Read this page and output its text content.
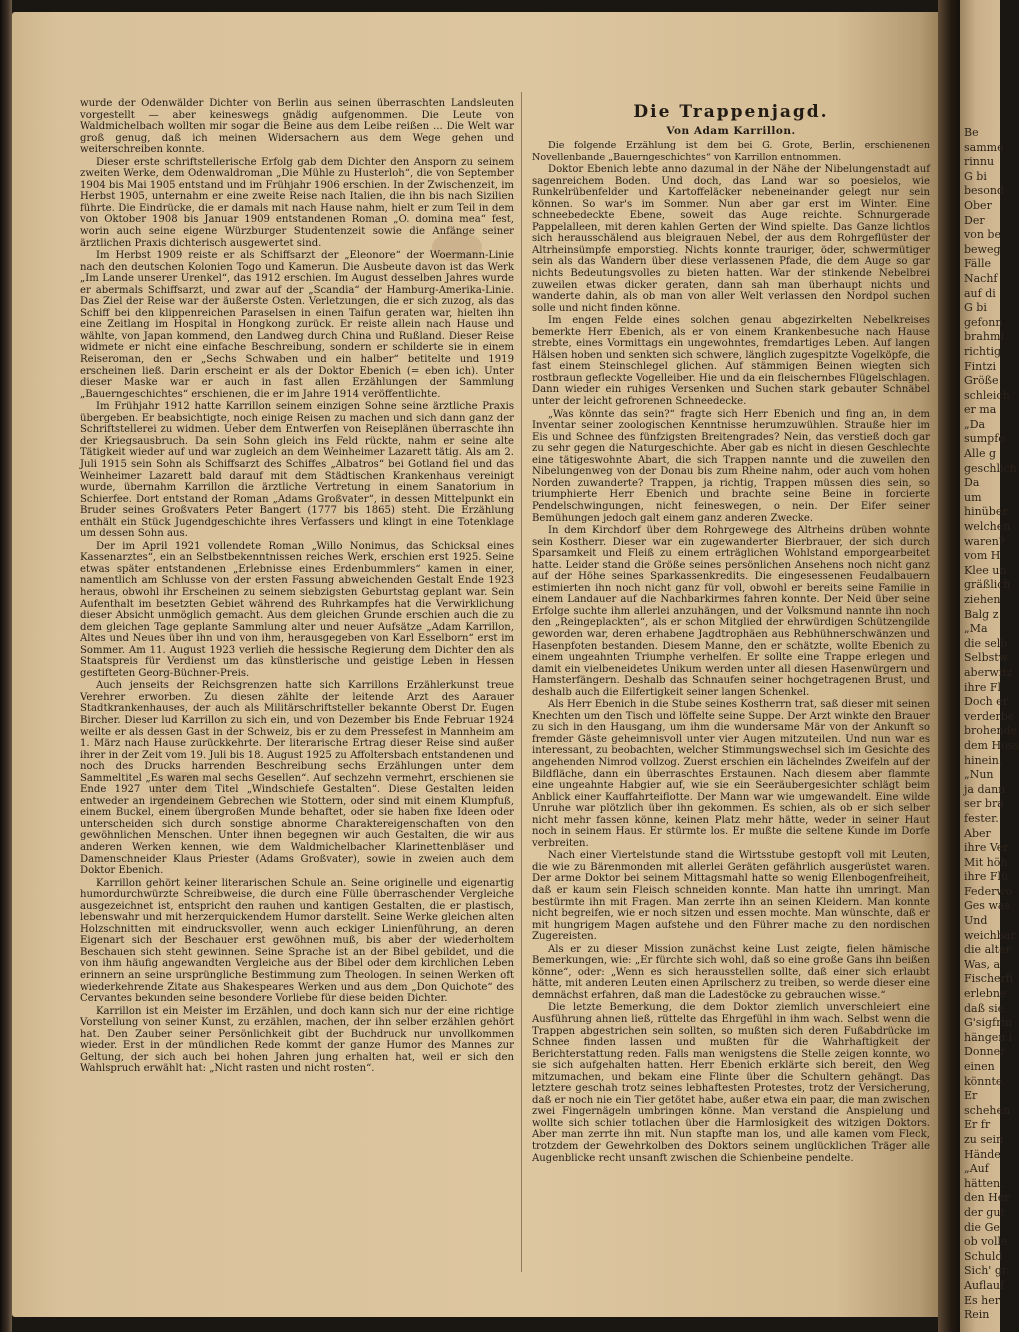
wurde der Odenwälder Dichter von Berlin aus seinen überraschten Landsleuten vorgestellt — aber keineswegs gnädig aufgenommen. Die Leute von Waldmichelbach wollten mir sogar die Beine aus dem Leibe reißen ... Die Welt war groß genug, daß ich meinen Widersachern aus dem Wege gehen und weiterschreiben konnte.

Dieser erste schriftstellerische Erfolg gab dem Dichter den Ansporn zu seinem zweiten Werke, dem Odenwaldroman „Die Mühle zu Husterloh“, die von September 1904 bis Mai 1905 entstand und im Frühjahr 1906 erschien. In der Zwischenzeit, im Herbst 1905, unternahm er eine zweite Reise nach Italien, die ihn bis nach Sizilien führte. Die Eindrücke, die er damals mit nach Hause nahm, hielt er zum Teil in dem von Oktober 1908 bis Januar 1909 entstandenen Roman „O. domina mea“ fest, worin auch seine eigene Würzburger Studentenzeit sowie die Anfänge seiner ärztlichen Praxis dichterisch ausgewertet sind.

Im Herbst 1909 reiste er als Schiffsarzt der „Eleonore“ der Woermann-Linie nach den deutschen Kolonien Togo und Kamerun. Die Ausbeute davon ist das Werk „Im Lande unserer Urenkel“, das 1912 erschien. Im August desselben Jahres wurde er abermals Schiffsarzt, und zwar auf der „Scandia“ der Hamburg-Amerika-Linie. Das Ziel der Reise war der äußerste Osten. Verletzungen, die er sich zuzog, als das Schiff bei den klippenreichen Paraselsen in einen Taifun geraten war, hielten ihn eine Zeitlang im Hospital in Hongkong zurück. Er reiste allein nach Hause und wählte, von Japan kommend, den Landweg durch China und Rußland. Dieser Reise widmete er nicht eine einfache Beschreibung, sondern er schilderte sie in einem Reiseroman, den er „Sechs Schwaben und ein halber“ betitelte und 1919 erscheinen ließ. Darin erscheint er als der Doktor Ebenich (= eben ich). Unter dieser Maske war er auch in fast allen Erzählungen der Sammlung „Bauerngeschichtes“ erschienen, die er im Jahre 1914 veröffentlichte.

Im Frühjahr 1912 hatte Karrillon seinem einzigen Sohne seine ärztliche Praxis übergeben. Er beabsichtigte, noch einige Reisen zu machen und sich dann ganz der Schriftstellerei zu widmen. Ueber dem Entwerfen von Reiseplänen überraschte ihn der Kriegsausbruch. Da sein Sohn gleich ins Feld rückte, nahm er seine alte Tätigkeit wieder auf und war zugleich an dem Weinheimer Lazarett tätig. Als am 2. Juli 1915 sein Sohn als Schiffsarzt des Schiffes „Albatros“ bei Gotland fiel und das Weinheimer Lazarett bald darauf mit dem Städtischen Krankenhaus vereinigt wurde, übernahm Karrillon die ärztliche Vertretung in einem Sanatorium in Schierfee. Dort entstand der Roman „Adams Großvater“, in dessen Mittelpunkt ein Bruder seines Großvaters Peter Bangert (1777 bis 1865) steht. Die Erzählung enthält ein Stück Jugendgeschichte ihres Verfassers und klingt in eine Totenklage um dessen Sohn aus.

Der im April 1921 vollendete Roman „Willo Nonimus, das Schicksal eines Kassenarztes“, ein an Selbstbekenntnissen reiches Werk, erschien erst 1925. Seine etwas später entstandenen „Erlebnisse eines Erdenbummlers“ kamen in einer, namentlich am Schlusse von der ersten Fassung abweichenden Gestalt Ende 1923 heraus, obwohl ihr Erscheinen zu seinem siebzigsten Geburtstag geplant war. Sein Aufenthalt im besetzten Gebiet während des Ruhrkampfes hat die Verwirklichung dieser Absicht unmöglich gemacht. Aus dem gleichen Grunde erschien auch die zu dem gleichen Tage geplante Sammlung alter und neuer Aufsätze „Adam Karrillon, Altes und Neues über ihn und von ihm, herausgegeben von Karl Esselborn“ erst im Sommer. Am 11. August 1923 verlieh die hessische Regierung dem Dichter den als Staatspreis für Verdienst um das künstlerische und geistige Leben in Hessen gestifteten Georg-Büchner-Preis.

Auch jenseits der Reichsgrenzen hatte sich Karrillons Erzählerkunst treue Verehrer erworben. Zu diesen zählte der leitende Arzt des Aarauer Stadtkrankenhauses, der auch als Militärschriftsteller bekannte Oberst Dr. Eugen Bircher. Dieser lud Karrillon zu sich ein, und von Dezember bis Ende Februar 1924 weilte er als dessen Gast in der Schweiz, bis er zu dem Pressefest in Mannheim am 1. März nach Hause zurückkehrte. Der literarische Ertrag dieser Reise sind außer ihrer in der Zeit vom 19. Juli bis 18. August 1925 zu Affoltersbach entstandenen und noch des Drucks harrenden Beschreibung sechs Erzählungen unter dem Sammeltitel „Es waren mal sechs Gesellen“. Auf sechzehn vermehrt, erschienen sie Ende 1927 unter dem Titel „Windschiefe Gestalten“. Diese Gestalten leiden entweder an irgendeinem Gebrechen wie Stottern, oder sind mit einem Klumpfuß, einem Buckel, einem übergroßen Munde behaftet, oder sie haben fixe Ideen oder unterscheiden sich durch sonstige abnorme Charaktereigenschaften von den gewöhnlichen Menschen. Unter ihnen begegnen wir auch Gestalten, die wir aus anderen Werken kennen, wie dem Waldmichelbacher Klarinettenbläser und Damenschneider Klaus Priester (Adams Großvater), sowie in zweien auch dem Doktor Ebenich.

Karrillon gehört keiner literarischen Schule an. Seine originelle und eigenartig humordurchwürzte Schreibweise, die durch eine Fülle überraschender Vergleiche ausgezeichnet ist, entspricht den rauhen und kantigen Gestalten, die er plastisch, lebenswahr und mit herzerquickendem Humor darstellt. Seine Werke gleichen alten Holzschnitten mit eindrucksvoller, wenn auch eckiger Linienführung, an deren Eigenart sich der Beschauer erst gewöhnen muß, bis aber der wiederholtem Beschauen sich steht gewinnen. Seine Sprache ist an der Bibel gebildet, und die von ihm häufig angewandten Vergleiche aus der Bibel oder dem kirchlichen Leben erinnern an seine ursprüngliche Bestimmung zum Theologen. In seinen Werken oft wiederkehrende Zitate aus Shakespeares Werken und aus dem „Don Quichote“ des Cervantes bekunden seine besondere Vorliebe für diese beiden Dichter.

Karrillon ist ein Meister im Erzählen, und doch kann sich nur der eine richtige Vorstellung von seiner Kunst, zu erzählen, machen, der ihn selber erzählen gehört hat. Den Zauber seiner Persönlichkeit gibt der Buchdruck nur unvollkommen wieder. Erst in der mündlichen Rede kommt der ganze Humor des Mannes zur Geltung, der sich auch bei hohen Jahren jung erhalten hat, weil er sich den Wahlspruch erwählt hat: „Nicht rasten und nicht rosten“.

Die Trappenjagd.
Von Adam Karrillon.

Die folgende Erzählung ist dem bei G. Grote, Berlin, erschienenen Novellenbande „Bauerngeschichtes“ von Karrillon entnommen.

Doktor Ebenich lebte anno dazumal in der Nähe der Nibelungenstadt auf sagenreichem Boden. Und doch, das Land war so poesielos, wie Runkelrübenfelder und Kartoffeläcker nebeneinander gelegt nur sein können. So war's im Sommer. Nun aber gar erst im Winter. Eine schneebedeckte Ebene, soweit das Auge reichte. Schnurgerade Pappelalleen, mit deren kahlen Gerten der Wind spielte. Das Ganze lichtlos sich herausschälend aus bleigrauen Nebel, der aus dem Rohrgeflüster der Altrheinsümpfe emporstieg. Nichts konnte trauriger, öder, schwermütiger sein als das Wandern über diese verlassenen Pfade, die dem Auge so gar nichts Bedeutungsvolles zu bieten hatten. War der stinkende Nebelbrei zuweilen etwas dicker geraten, dann sah man überhaupt nichts und wanderte dahin, als ob man von aller Welt verlassen den Nordpol suchen solle und nicht finden könne.

Im engen Felde eines solchen genau abgezirkelten Nebelkreises bemerkte Herr Ebenich, als er von einem Krankenbesuche nach Hause strebte, eines Vormittags ein ungewohntes, fremdartiges Leben. Auf langen Hälsen hoben und senkten sich schwere, länglich zugespitzte Vogelköpfe, die fast einem Steinschlegel glichen. Auf stämmigen Beinen wiegten sich rostbraun gefleckte Vogelleiber. Hie und da ein fleischernbes Flügelschlagen. Dann wieder ein ruhiges Versenken und Suchen stark gebauter Schnäbel unter der leicht gefrorenen Schneedecke.

„Was könnte das sein?“ fragte sich Herr Ebenich und fing an, in dem Inventar seiner zoologischen Kenntnisse herumzuwühlen. Strauße hier im Eis und Schnee des fünfzigsten Breitengrades? Nein, das verstieß doch gar zu sehr gegen die Naturgeschichte. Aber gab es nicht in diesen Geschlechte eine tätigeswohnte Abart, die sich Trappen nannte und die zuweilen den Nibelungenweg von der Donau bis zum Rheine nahm, oder auch vom hohen Norden zuwanderte? Trappen, ja richtig, Trappen müssen dies sein, so triumphierte Herr Ebenich und brachte seine Beine in forcierte Pendelschwingungen, nicht feineswegen, o nein. Der Eifer seiner Bemühungen jedoch galt einem ganz anderen Zwecke.

In dem Kirchdorf über dem Rohrgewege des Altrheins drüben wohnte sein Kostherr. Dieser war ein zugewanderter Bierbrauer, der sich durch Sparsamkeit und Fleiß zu einem erträglichen Wohlstand emporgearbeitet hatte. Leider stand die Größe seines persönlichen Ansehens noch nicht ganz auf der Höhe seines Sparkassenkredits. Die eingesessenen Feudalbauern estimierten ihn noch nicht ganz für voll, obwohl er bereits seine Familie in einem Landauer auf die Nachbarkirmes fahren konnte. Der Neid über seine Erfolge suchte ihm allerlei anzuhängen, und der Volksmund nannte ihn noch den „Reingeplackten“, als er schon Mitglied der ehrwürdigen Schützengilde geworden war, deren erhabene Jagdtrophäen aus Rebhühnerschwänzen und Hasenpfoten bestanden. Diesem Manne, den er schätzte, wollte Ebenich zu einem ungeahnten Triumphe verhelfen. Er sollte eine Trappe erlegen und damit ein vielbeneidetes Unikum werden unter all diesen Hasenwürgern und Hamsterfängern. Deshalb das Schnaufen seiner hochgetragenen Brust, und deshalb auch die Eilfertigkeit seiner langen Schenkel.

Als Herr Ebenich in die Stube seines Kostherrn trat, saß dieser mit seinen Knechten um den Tisch und löffelte seine Suppe. Der Arzt winkte den Brauer zu sich in den Hausgang, um ihm die wundersame Mär von der Ankunft so fremder Gäste geheimnisvoll unter vier Augen mitzuteilen. Und nun war es interessant, zu beobachten, welcher Stimmungswechsel sich im Gesichte des angehenden Nimrod vollzog. Zuerst erschien ein lächelndes Zweifeln auf der Bildfläche, dann ein überraschtes Erstaunen. Nach diesem aber flammte eine ungeahnte Habgier auf, wie sie ein Seeräubergesichter schlägt beim Anblick einer Kauffahrteiflotte. Der Mann war wie umgewandelt. Eine wilde Unruhe war plötzlich über ihn gekommen. Es schien, als ob er sich selber nicht mehr fassen könne, keinen Platz mehr hätte, weder in seiner Haut noch in seinem Haus. Er stürmte los. Er mußte die seltene Kunde im Dorfe verbreiten.

Nach einer Viertelstunde stand die Wirtsstube gestopft voll mit Leuten, die wie zu Bärenmonden mit allerlei Geräten gefährlich ausgerüstet waren. Der arme Doktor bei seinem Mittagsmahl hatte so wenig Ellenbogenfreiheit, daß er kaum sein Fleisch schneiden konnte. Man hatte ihn umringt. Man bestürmte ihn mit Fragen. Man zerrte ihn an seinen Kleidern. Man konnte nicht begreifen, wie er noch sitzen und essen mochte. Man wünschte, daß er mit hungrigem Magen aufstehe und den Führer mache zu den nordischen Zugereisten.

Als er zu dieser Mission zunächst keine Lust zeigte, fielen hämische Bemerkungen, wie: „Er fürchte sich wohl, daß so eine große Gans ihn beißen könne“, oder: „Wenn es sich herausstellen sollte, daß einer sich erlaubt hätte, mit anderen Leuten einen Aprilscherz zu treiben, so werde dieser eine demnächst erfahren, daß man die Ladestöcke zu gebrauchen wisse.“

Die letzte Bemerkung, die dem Doktor ziemlich unverschleiert eine Ausführung ahnen ließ, rüttelte das Ehrgefühl in ihm wach. Selbst wenn die Trappen abgestrichen sein sollten, so mußten sich deren Fußabdrücke im Schnee finden lassen und mußten für die Wahrhaftigkeit der Berichterstattung reden. Falls man wenigstens die Stelle zeigen konnte, wo sie sich aufgehalten hatten. Herr Ebenich erklärte sich bereit, den Weg mitzumachen, und bekam eine Flinte über die Schultern gehängt. Das letztere geschah trotz seines lebhaftesten Protestes, trotz der Versicherung, daß er noch nie ein Tier getötet habe, außer etwa ein paar, die man zwischen zwei Fingernägeln umbringen könne. Man verstand die Anspielung und wollte sich schier totlachen über die Harmlosigkeit des witzigen Doktors. Aber man zerrte ihn mit. Nun stapfte man los, und alle kamen vom Fleck, trotzdem der Gewehrkolben des Doktors seinem unglücklichen Träger alle Augenblicke recht unsanft zwischen die Schienbeine pendelte.

Be
samme
rinnu
G bi
besond
Ober
Der
von be
beweg
Fälle
Nachf
auf di
G bi
gefonn
brahmi
richtig
Fintzi
Größe
schleich
er ma
„Da
sumpfe
Alle g
geschlich
Da
um
hinüber
welchen
waren?
vom H
Klee un
gräßlich
ziehen.
Balg z
„Ma
die selb
Selbstw
aberwitz
ihre Fl
Doch er
verderbe
brohende
dem Hoss
hinein.
„Nun
ja dann
ser bra
fester.
Aber
ihre Ver
Mit höh
ihre Flü
Federwo
Ges was
Und
weichbar
die alter
Was, a
Fischerfi
erlebne
daß sie
G'sigfrin
hängen i
Donner
einen
könnte.
Er
schehen
Er fr
zu sein
Hände
„Auf
hätten,
den Her
der gut
die Ge
ob volle
Schuld
Sich' gr
Auflauf
Es her
Rein
